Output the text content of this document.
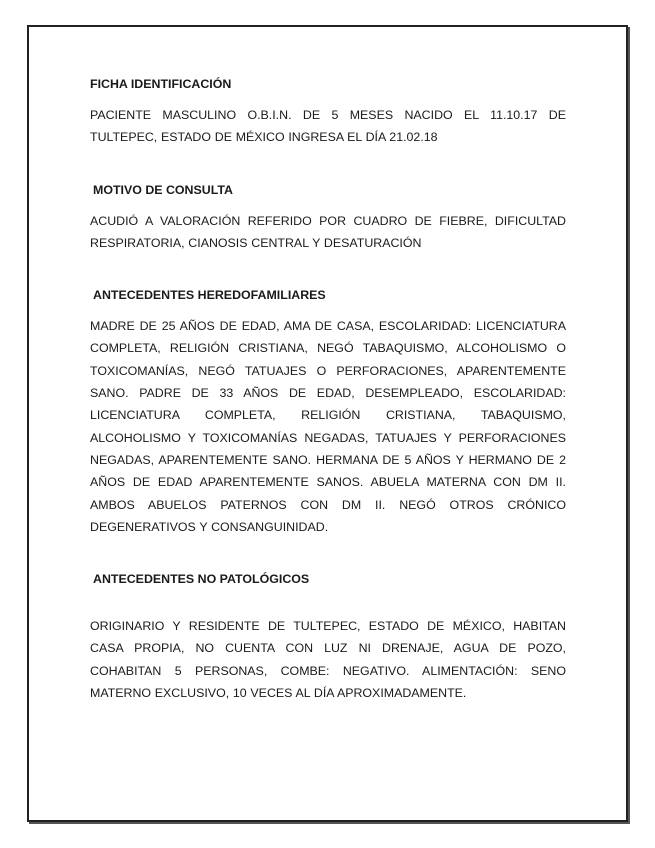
FICHA IDENTIFICACIÓN

PACIENTE MASCULINO O.B.I.N. DE 5 MESES NACIDO EL 11.10.17 DE TULTEPEC, ESTADO DE MÉXICO INGRESA EL DÍA 21.02.18

MOTIVO DE CONSULTA

ACUDIÓ A VALORACIÓN REFERIDO POR CUADRO DE FIEBRE, DIFICULTAD RESPIRATORIA, CIANOSIS CENTRAL Y DESATURACIÓN

ANTECEDENTES HEREDOFAMILIARES

MADRE DE 25 AÑOS DE EDAD, AMA DE CASA, ESCOLARIDAD: LICENCIATURA COMPLETA, RELIGIÓN CRISTIANA, NEGÓ TABAQUISMO, ALCOHOLISMO O TOXICOMANÍAS, NEGÓ TATUAJES O PERFORACIONES, APARENTEMENTE SANO. PADRE DE 33 AÑOS DE EDAD, DESEMPLEADO, ESCOLARIDAD: LICENCIATURA COMPLETA, RELIGIÓN CRISTIANA, TABAQUISMO, ALCOHOLISMO Y TOXICOMANÍAS NEGADAS, TATUAJES Y PERFORACIONES NEGADAS, APARENTEMENTE SANO. HERMANA DE 5 AÑOS Y HERMANO DE 2 AÑOS DE EDAD APARENTEMENTE SANOS. ABUELA MATERNA CON DM II. AMBOS ABUELOS PATERNOS CON DM II. NEGÓ OTROS CRÓNICO DEGENERATIVOS Y CONSANGUINIDAD.

ANTECEDENTES NO PATOLÓGICOS

ORIGINARIO Y RESIDENTE DE TULTEPEC, ESTADO DE MÉXICO, HABITAN CASA PROPIA, NO CUENTA CON LUZ NI DRENAJE, AGUA DE POZO, COHABITAN 5 PERSONAS, COMBE: NEGATIVO. ALIMENTACIÓN: SENO MATERNO EXCLUSIVO, 10 VECES AL DÍA APROXIMADAMENTE.
